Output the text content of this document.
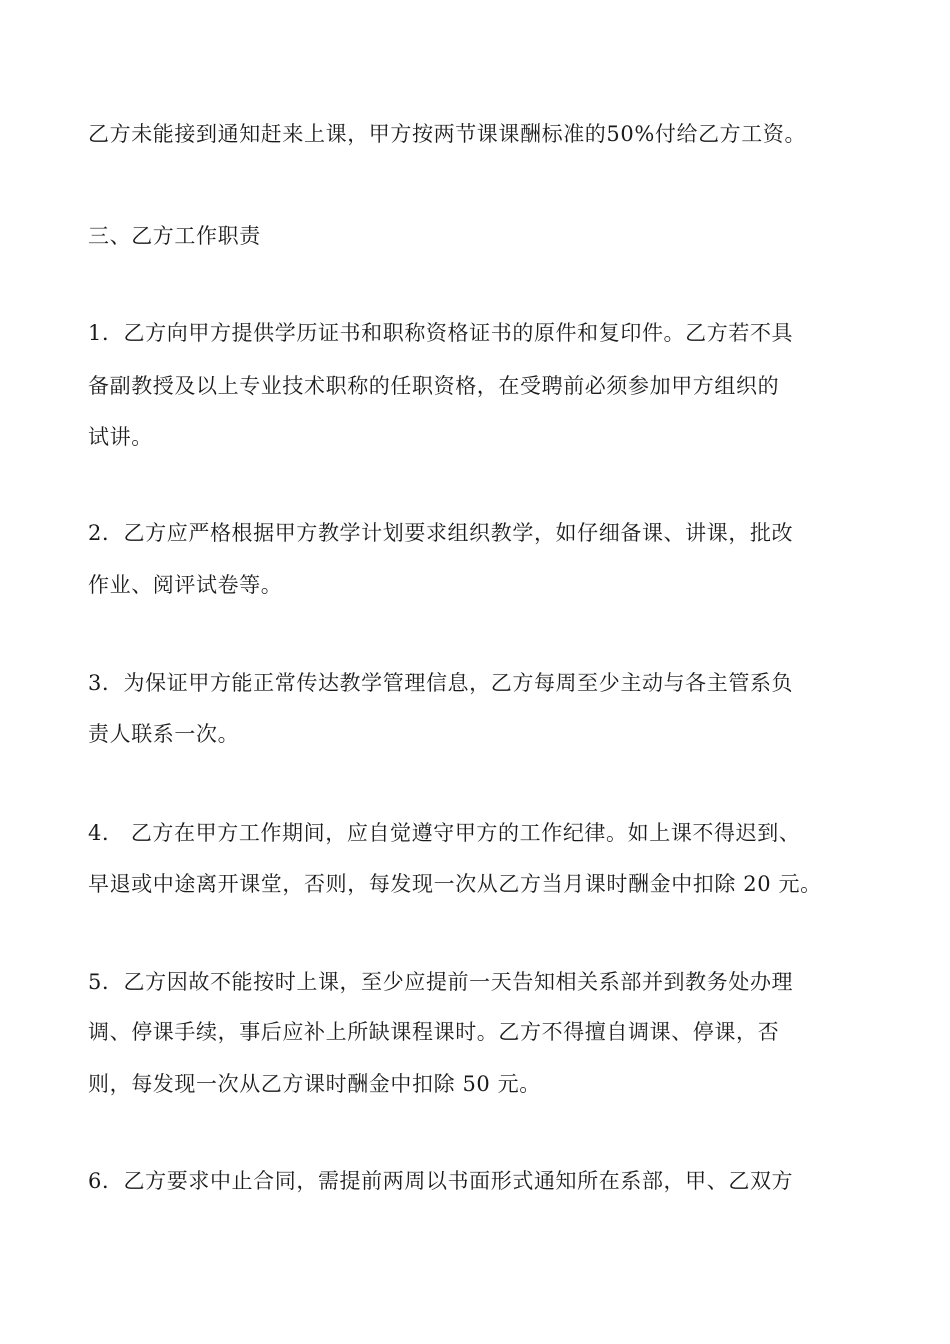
乙方未能接到通知赶来上课，甲方按两节课课酬标准的50%付给乙方工资。
三、乙方工作职责
1．乙方向甲方提供学历证书和职称资格证书的原件和复印件。乙方若不具
备副教授及以上专业技术职称的任职资格，在受聘前必须参加甲方组织的
试讲。
2．乙方应严格根据甲方教学计划要求组织教学，如仔细备课、讲课，批改
作业、阅评试卷等。
3．为保证甲方能正常传达教学管理信息，乙方每周至少主动与各主管系负
责人联系一次。
4． 乙方在甲方工作期间，应自觉遵守甲方的工作纪律。如上课不得迟到、
早退或中途离开课堂，否则，每发现一次从乙方当月课时酬金中扣除 20 元。
5．乙方因故不能按时上课，至少应提前一天告知相关系部并到教务处办理
调、停课手续，事后应补上所缺课程课时。乙方不得擅自调课、停课，否
则，每发现一次从乙方课时酬金中扣除 50 元。
6．乙方要求中止合同，需提前两周以书面形式通知所在系部，甲、乙双方
